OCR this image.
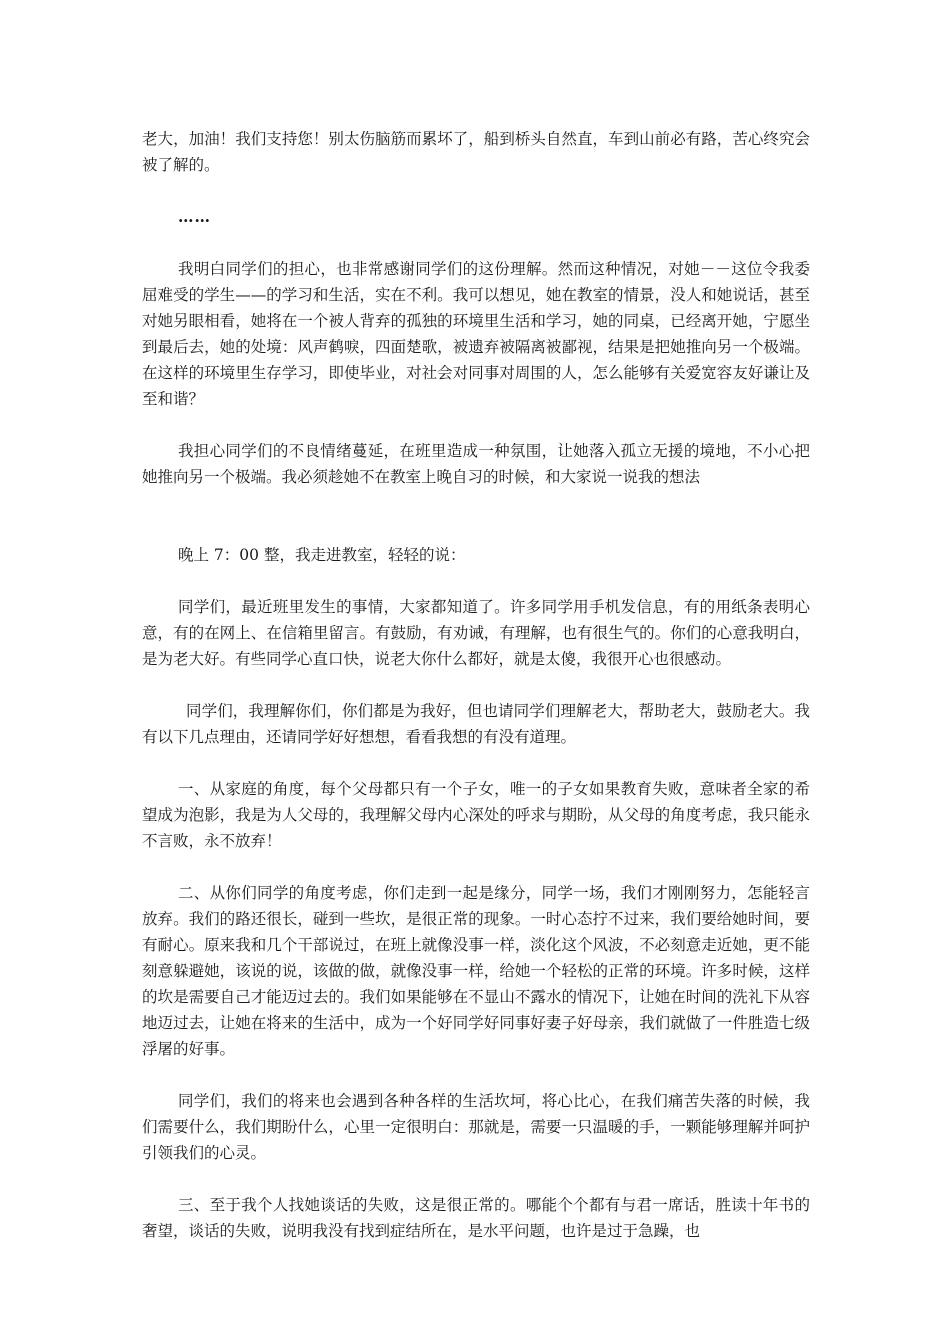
老大，加油！我们支持您！别太伤脑筋而累坏了，船到桥头自然直，车到山前必有路，苦心终究会被了解的。

……

我明白同学们的担心，也非常感谢同学们的这份理解。然而这种情况，对她－－这位令我委屈难受的学生——的学习和生活，实在不利。我可以想见，她在教室的情景，没人和她说话，甚至对她另眼相看，她将在一个被人背弃的孤独的环境里生活和学习，她的同桌，已经离开她，宁愿坐到最后去，她的处境：风声鹤唳，四面楚歌，被遗弃被隔离被鄙视，结果是把她推向另一个极端。在这样的环境里生存学习，即使毕业，对社会对同事对周围的人，怎么能够有关爱宽容友好谦让及至和谐？

我担心同学们的不良情绪蔓延，在班里造成一种氛围，让她落入孤立无援的境地，不小心把她推向另一个极端。我必须趁她不在教室上晚自习的时候，和大家说一说我的想法

晚上 7：00 整，我走进教室，轻轻的说：

同学们，最近班里发生的事情，大家都知道了。许多同学用手机发信息，有的用纸条表明心意，有的在网上、在信箱里留言。有鼓励，有劝诫，有理解，也有很生气的。你们的心意我明白，是为老大好。有些同学心直口快，说老大你什么都好，就是太傻，我很开心也很感动。

同学们，我理解你们，你们都是为我好，但也请同学们理解老大，帮助老大，鼓励老大。我有以下几点理由，还请同学好好想想，看看我想的有没有道理。

一、从家庭的角度，每个父母都只有一个子女，唯一的子女如果教育失败，意味者全家的希望成为泡影，我是为人父母的，我理解父母内心深处的呼求与期盼，从父母的角度考虑，我只能永不言败，永不放弃！

二、从你们同学的角度考虑，你们走到一起是缘分，同学一场，我们才刚刚努力，怎能轻言放弃。我们的路还很长，碰到一些坎，是很正常的现象。一时心态拧不过来，我们要给她时间，要有耐心。原来我和几个干部说过，在班上就像没事一样，淡化这个风波，不必刻意走近她，更不能刻意躲避她，该说的说，该做的做，就像没事一样，给她一个轻松的正常的环境。许多时候，这样的坎是需要自己才能迈过去的。我们如果能够在不显山不露水的情况下，让她在时间的洗礼下从容地迈过去，让她在将来的生活中，成为一个好同学好同事好妻子好母亲，我们就做了一件胜造七级浮屠的好事。

同学们，我们的将来也会遇到各种各样的生活坎坷，将心比心，在我们痛苦失落的时候，我们需要什么，我们期盼什么，心里一定很明白：那就是，需要一只温暖的手，一颗能够理解并呵护引领我们的心灵。

三、至于我个人找她谈话的失败，这是很正常的。哪能个个都有与君一席话，胜读十年书的奢望，谈话的失败，说明我没有找到症结所在，是水平问题，也许是过于急躁，也
